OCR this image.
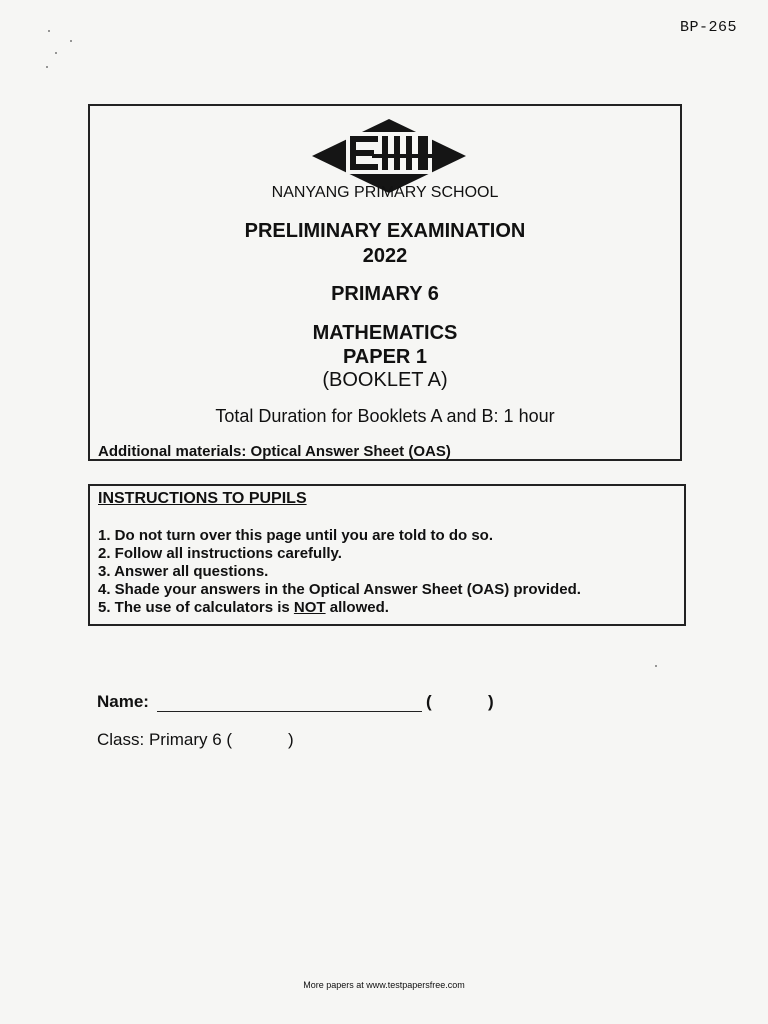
BP-265
NANYANG PRIMARY SCHOOL
PRELIMINARY EXAMINATION
2022
PRIMARY 6
MATHEMATICS
PAPER 1
(BOOKLET A)
Total Duration for Booklets A and B: 1 hour
Additional materials: Optical Answer Sheet (OAS)
INSTRUCTIONS TO PUPILS
1. Do not turn over this page until you are told to do so.
2. Follow all instructions carefully.
3. Answer all questions.
4. Shade your answers in the Optical Answer Sheet (OAS) provided.
5. The use of calculators is NOT allowed.
Name:	(	)
Class: Primary 6 (	)
More papers at www.testpapersfree.com
